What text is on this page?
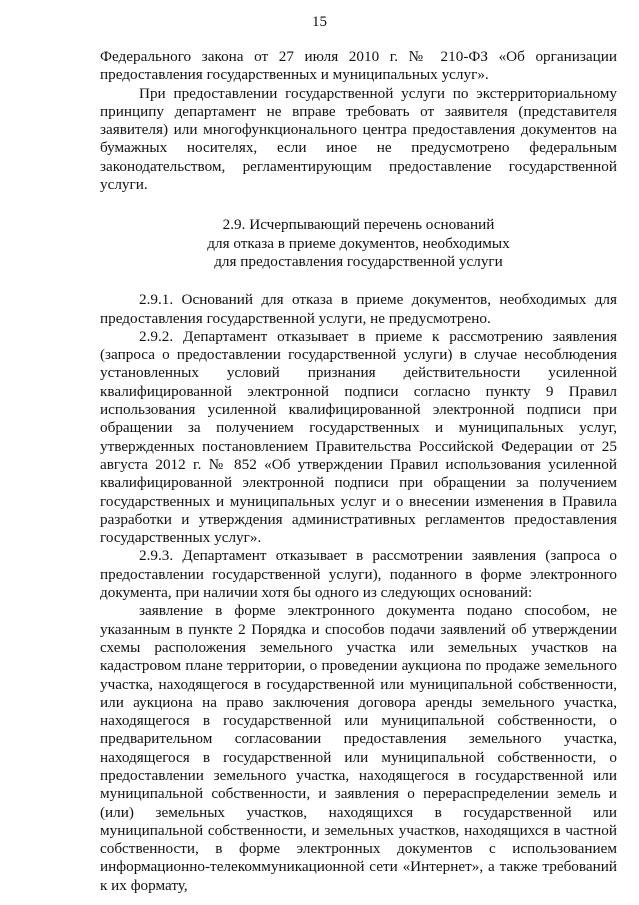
15

Федерального закона от 27 июля 2010 г. № 210-ФЗ «Об организации предоставления государственных и муниципальных услуг».

При предоставлении государственной услуги по экстерриториальному принципу департамент не вправе требовать от заявителя (представителя заявителя) или многофункционального центра предоставления документов на бумажных носителях, если иное не предусмотрено федеральным законодательством, регламентирующим предоставление государственной услуги.

2.9. Исчерпывающий перечень оснований
для отказа в приеме документов, необходимых
для предоставления государственной услуги

2.9.1. Оснований для отказа в приеме документов, необходимых для предоставления государственной услуги, не предусмотрено.

2.9.2. Департамент отказывает в приеме к рассмотрению заявления (запроса о предоставлении государственной услуги) в случае несоблюдения установленных условий признания действительности усиленной квалифицированной электронной подписи согласно пункту 9 Правил использования усиленной квалифицированной электронной подписи при обращении за получением государственных и муниципальных услуг, утвержденных постановлением Правительства Российской Федерации от 25 августа 2012 г. № 852 «Об утверждении Правил использования усиленной квалифицированной электронной подписи при обращении за получением государственных и муниципальных услуг и о внесении изменения в Правила разработки и утверждения административных регламентов предоставления государственных услуг».

2.9.3. Департамент отказывает в рассмотрении заявления (запроса о предоставлении государственной услуги), поданного в форме электронного документа, при наличии хотя бы одного из следующих оснований:

заявление в форме электронного документа подано способом, не указанным в пункте 2 Порядка и способов подачи заявлений об утверждении схемы расположения земельного участка или земельных участков на кадастровом плане территории, о проведении аукциона по продаже земельного участка, находящегося в государственной или муниципальной собственности, или аукциона на право заключения договора аренды земельного участка, находящегося в государственной или муниципальной собственности, о предварительном согласовании предоставления земельного участка, находящегося в государственной или муниципальной собственности, о предоставлении земельного участка, находящегося в государственной или муниципальной собственности, и заявления о перераспределении земель и (или) земельных участков, находящихся в государственной или муниципальной собственности, и земельных участков, находящихся в частной собственности, в форме электронных документов с использованием информационно-телекоммуникационной сети «Интернет», а также требований к их формату,
